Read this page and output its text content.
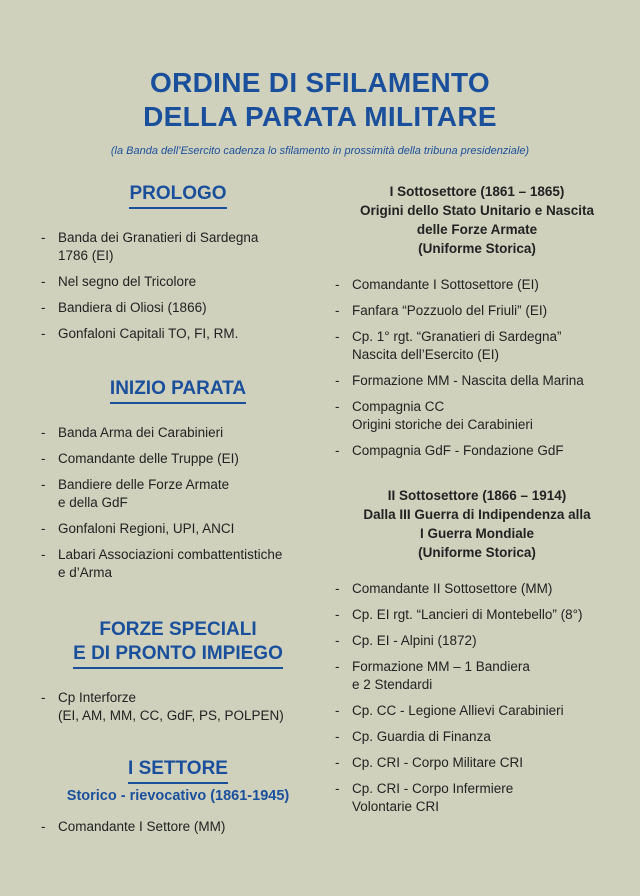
ORDINE DI SFILAMENTO
DELLA PARATA MILITARE
(la Banda dell’Esercito cadenza lo sfilamento in prossimità della tribuna presidenziale)
PROLOGO
- Banda dei Granatieri di Sardegna
1786 (EI)
- Nel segno del Tricolore
- Bandiera di Oliosi (1866)
- Gonfaloni Capitali TO, FI, RM.
INIZIO PARATA
- Banda Arma dei Carabinieri
- Comandante delle Truppe (EI)
- Bandiere delle Forze Armate
e della GdF
- Gonfaloni Regioni, UPI, ANCI
- Labari Associazioni combattentistiche
e d’Arma
FORZE SPECIALI
E DI PRONTO IMPIEGO
- Cp Interforze
(EI, AM, MM, CC, GdF, PS, POLPEN)
I SETTORE
Storico - rievocativo (1861-1945)
- Comandante I Settore (MM)
I Sottosettore (1861 – 1865)
Origini dello Stato Unitario e Nascita
delle Forze Armate
(Uniforme Storica)
- Comandante I Sottosettore (EI)
- Fanfara “Pozzuolo del Friuli” (EI)
- Cp. 1° rgt. “Granatieri di Sardegna”
Nascita dell’Esercito (EI)
- Formazione MM - Nascita della Marina
- Compagnia CC
Origini storiche dei Carabinieri
- Compagnia GdF - Fondazione GdF
II Sottosettore (1866 – 1914)
Dalla III Guerra di Indipendenza alla
I Guerra Mondiale
(Uniforme Storica)
- Comandante II Sottosettore (MM)
- Cp. EI rgt. “Lancieri di Montebello” (8°)
- Cp. EI - Alpini (1872)
- Formazione MM – 1 Bandiera
e 2 Stendardi
- Cp. CC - Legione Allievi Carabinieri
- Cp. Guardia di Finanza
- Cp. CRI - Corpo Militare CRI
- Cp. CRI - Corpo Infermiere
Volontarie CRI
